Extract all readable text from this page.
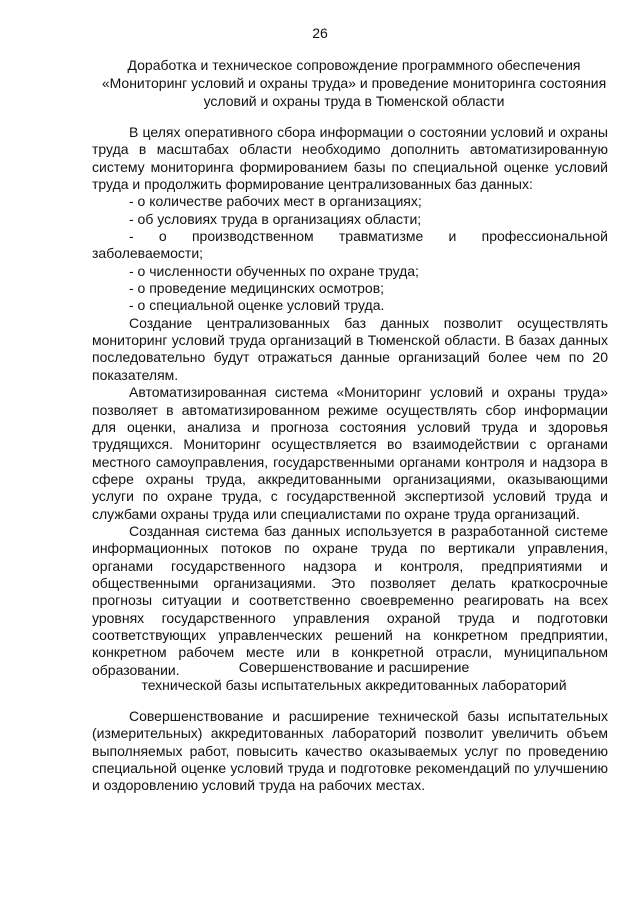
26
Доработка и техническое сопровождение программного обеспечения
«Мониторинг условий и охраны труда» и проведение мониторинга состояния
условий и охраны труда в Тюменской области

В целях оперативного сбора информации о состоянии условий и охраны труда в масштабах области необходимо дополнить автоматизированную систему мониторинга формированием базы по специальной оценке условий труда и продолжить формирование централизованных баз данных:

- о количестве рабочих мест в организациях;

- об условиях труда в организациях области;

- о производственном травматизме и профессиональной заболеваемости;

- о численности обученных по охране труда;

- о проведение медицинских осмотров;

- о специальной оценке условий труда.

Создание централизованных баз данных позволит осуществлять мониторинг условий труда организаций в Тюменской области. В базах данных последовательно будут отражаться данные организаций более чем по 20 показателям.

Автоматизированная система «Мониторинг условий и охраны труда» позволяет в автоматизированном режиме осуществлять сбор информации для оценки, анализа и прогноза состояния условий труда и здоровья трудящихся. Мониторинг осуществляется во взаимодействии с органами местного самоуправления, государственными органами контроля и надзора в сфере охраны труда, аккредитованными организациями, оказывающими услуги по охране труда, с государственной экспертизой условий труда и службами охраны труда или специалистами по охране труда организаций.

Созданная система баз данных используется в разработанной системе информационных потоков по охране труда по вертикали управления, органами государственного надзора и контроля, предприятиями и общественными организациями. Это позволяет делать краткосрочные прогнозы ситуации и соответственно своевременно реагировать на всех уровнях государственного управления охраной труда и подготовки соответствующих управленческих решений на конкретном предприятии, конкретном рабочем месте или в конкретной отрасли, муниципальном образовании.	Совершенствование и расширение
технической базы испытательных аккредитованных лабораторий

Совершенствование и расширение технической базы испытательных (измерительных) аккредитованных лабораторий позволит увеличить объем выполняемых работ, повысить качество оказываемых услуг по проведению специальной оценке условий труда и подготовке рекомендаций по улучшению и оздоровлению условий труда на рабочих местах.
